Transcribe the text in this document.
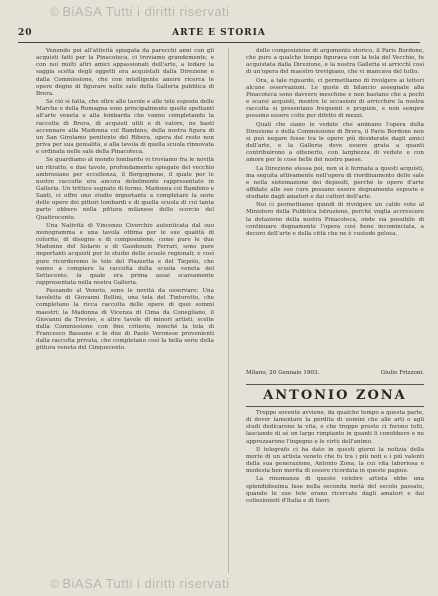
© BiASA Tutti i diritti riservati
20	ARTE E STORIA

Venendo poi all'attività spiegata da parecchi anni con gli acquisti fatti per la Pinacoteca, ci troviamo grandemente, e con noi molti altri amici appassionati dell'arte, a lodare la saggia scelta degli oggetti ora acquistati dalla Direzione e dalla Commissione, che con intelligente amore ricerca le opere degne di figurare nelle sale della Galleria pubblica di Brera.

Se ciò si fatta, che oltre alle tavole e alle tele esposte delle Marche e della Romagna sono principalmente quelle spettanti all'arte veneta e alla lombarda che vanno completando la raccolta di Brera, di acquisti utili e di valore, ne basti accennare alla Madonna col Bambino, della nostra figura di un San Girolamo penitente del Ribera, opera del resto non priva per sua genialità, e alla tavola di quella scuola rinnovata e ordinata nelle sale della Pinacoteca.

Se guardiamo al mondo lombardo vi troviamo fra le novità un ritratto, e due tavole, profondamente spiegate del vecchio ambrosiano per eccellenza, il Borgognone, il quale per le nostre raccolte era ancora debolmente rappresentato in Galleria. Un trittico segnato di fermo, Madonna col Bambino e Santi, ci offre uno studio importante a completare la serie delle opere dei pittori lombardi e di quella scuola di cui tanta parte ebbero nella pittura milanese dello scorcio del Quattrocento.

Una Natività di Vincenzo Civerchio autenticata dal suo monogramma e una tavola ottima per le sue qualità di colorito, di disegno e di composizione, come pure le due Madonne del Solario e di Gaudenzio Ferrari, sono pure importanti acquisti per lo studio delle scuole regionali; e così pure ricorderemo le tele del Piazzetta e del Tiepolo, che vanno a compiere la raccolta della scuola veneta del Settecento, la quale era prima assai scarsamente rappresentata nella nostra Galleria.

Passando al Veneto, sono le novità da osservare: Una tavoletta di Giovanni Bellini, una tela del Tintoretto, che completano la ricca raccolta delle opere di quei sommi maestri; la Madonna di Vicenza di Cima da Conegliano, il Giovanni da Treviso, e altre tavole di minori artisti, scelte dalla Commissione con fine criterio, nonché la tela di Francesco Bassano e le due di Paolo Veronese provenienti dalla raccolta privata, che completano così la bella serie della pittura veneta del Cinquecento.

dello composizione di argomento storico, il Paris Bordone, che pure a qualche tempo figurava con la tela del Vecchio, fu acquistata dalla Direzione, e la nostra Galleria si arricchì così di un'opera del maestro trevigiano, che vi mancava del tutto.

Ora, a tale riguardo, ci permettiamo di rivolgere ai lettori alcune osservazioni. Le quote di bilancio assegnate alla Pinacoteca sono davvero meschine e non bastano che a pochi e scarsi acquisti, mentre le occasioni di arricchire la nostra raccolta si presentano frequenti e propizie, e non sempre possono essere colte per difetto di mezzi.

Quali che siano le vedute che animano l'opera della Direzione e della Commissione di Brera, il Paris Bordone non si può negare fosse tra le opere più desiderate dagli amici dell'arte, e la Galleria deve essere grata a quanti contribuirono a ottenerlo, con larghezza di vedute e con amore per le cose belle del nostro paese.

La Direzione stessa poi, non si è fermata a questi acquisti, ma seguita attivamente nell'opera di riordinamento delle sale e nella sistemazione dei depositi, perché le opere d'arte affidate alle sue cure possano essere degnamente esposte e studiate dagli amatori e dai cultori dell'arte.

Noi ci permettiamo quindi di rivolgere un caldo voto al Ministero della Pubblica Istruzione, perché voglia accrescere la dotazione della nostra Pinacoteca, onde sia possibile di continuare degnamente l'opera così bene incominciata, a decoro dell'arte e della città che ne è custode gelosa.

Milano, 20 Gennaio 1903.	Giulio Frizzoni.
ANTONIO ZONA

Troppo sovente avviene, da qualche tempo a questa parte, di dover lamentare la perdita di uomini che alle arti o agli studi dedicarono la vita, e che troppo presto ci furono tolti, lasciando di sé un largo rimpianto in quanti li conobbero e ne apprezzarono l'ingegno e le virtù dell'animo.

Il telegrafo ci ha dato in questi giorni la notizia della morte di un artista veneto che fu tra i più noti e i più valenti della sua generazione, Antonio Zona, la cui vita laboriosa e modesta ben merita di essere ricordata in queste pagine.

La rinomanza di questo celebre artista ebbe una splendidissima fase nella seconda metà del secolo passato, quando le sue tele erano ricercate dagli amatori e dai collezionisti d'Italia e di fuori.

© BiASA Tutti i diritti riservati
